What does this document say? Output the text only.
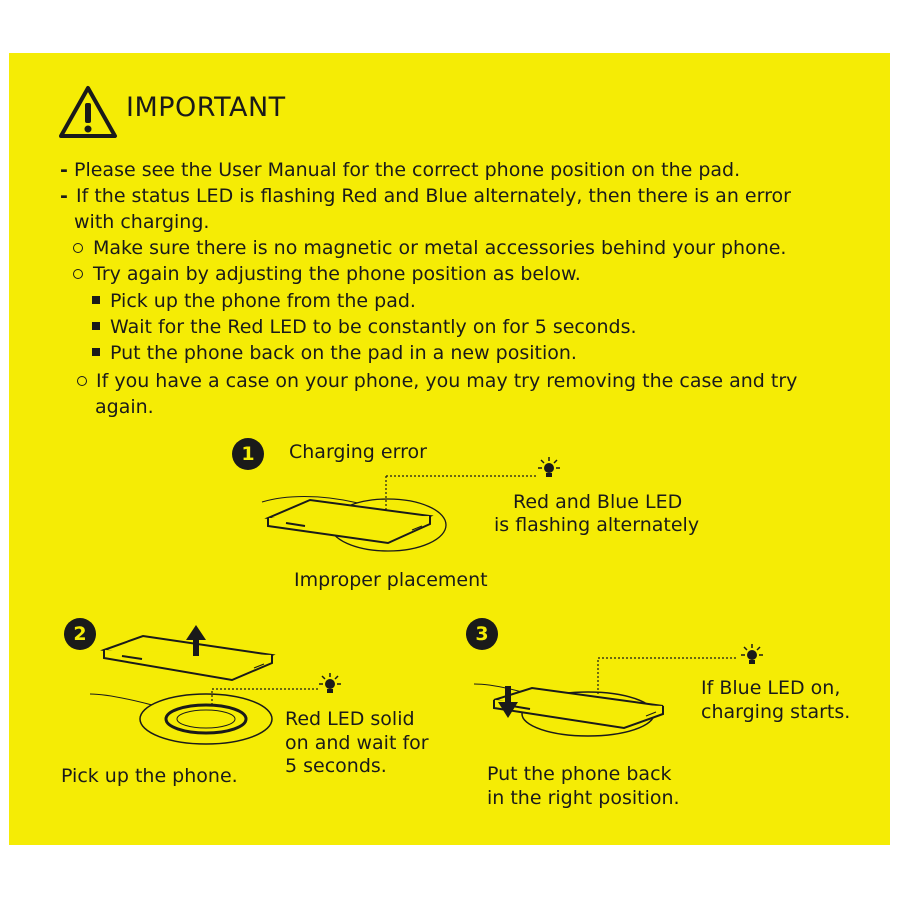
IMPORTANT
- Please see the User Manual for the correct phone position on the pad.
- If the status LED is flashing Red and Blue alternately, then there is an error
with charging.
Make sure there is no magnetic or metal accessories behind your phone.
Try again by adjusting the phone position as below.
Pick up the phone from the pad.
Wait for the Red LED to be constantly on for 5 seconds.
Put the phone back on the pad in a new position.
If you have a case on your phone, you may try removing the case and try
again.
1	Charging error
Red and Blue LED
is flashing alternately
Improper placement
2
Red LED solid
on and wait for
5 seconds.
Pick up the phone.
3
If Blue LED on,
charging starts.
Put the phone back
in the right position.
